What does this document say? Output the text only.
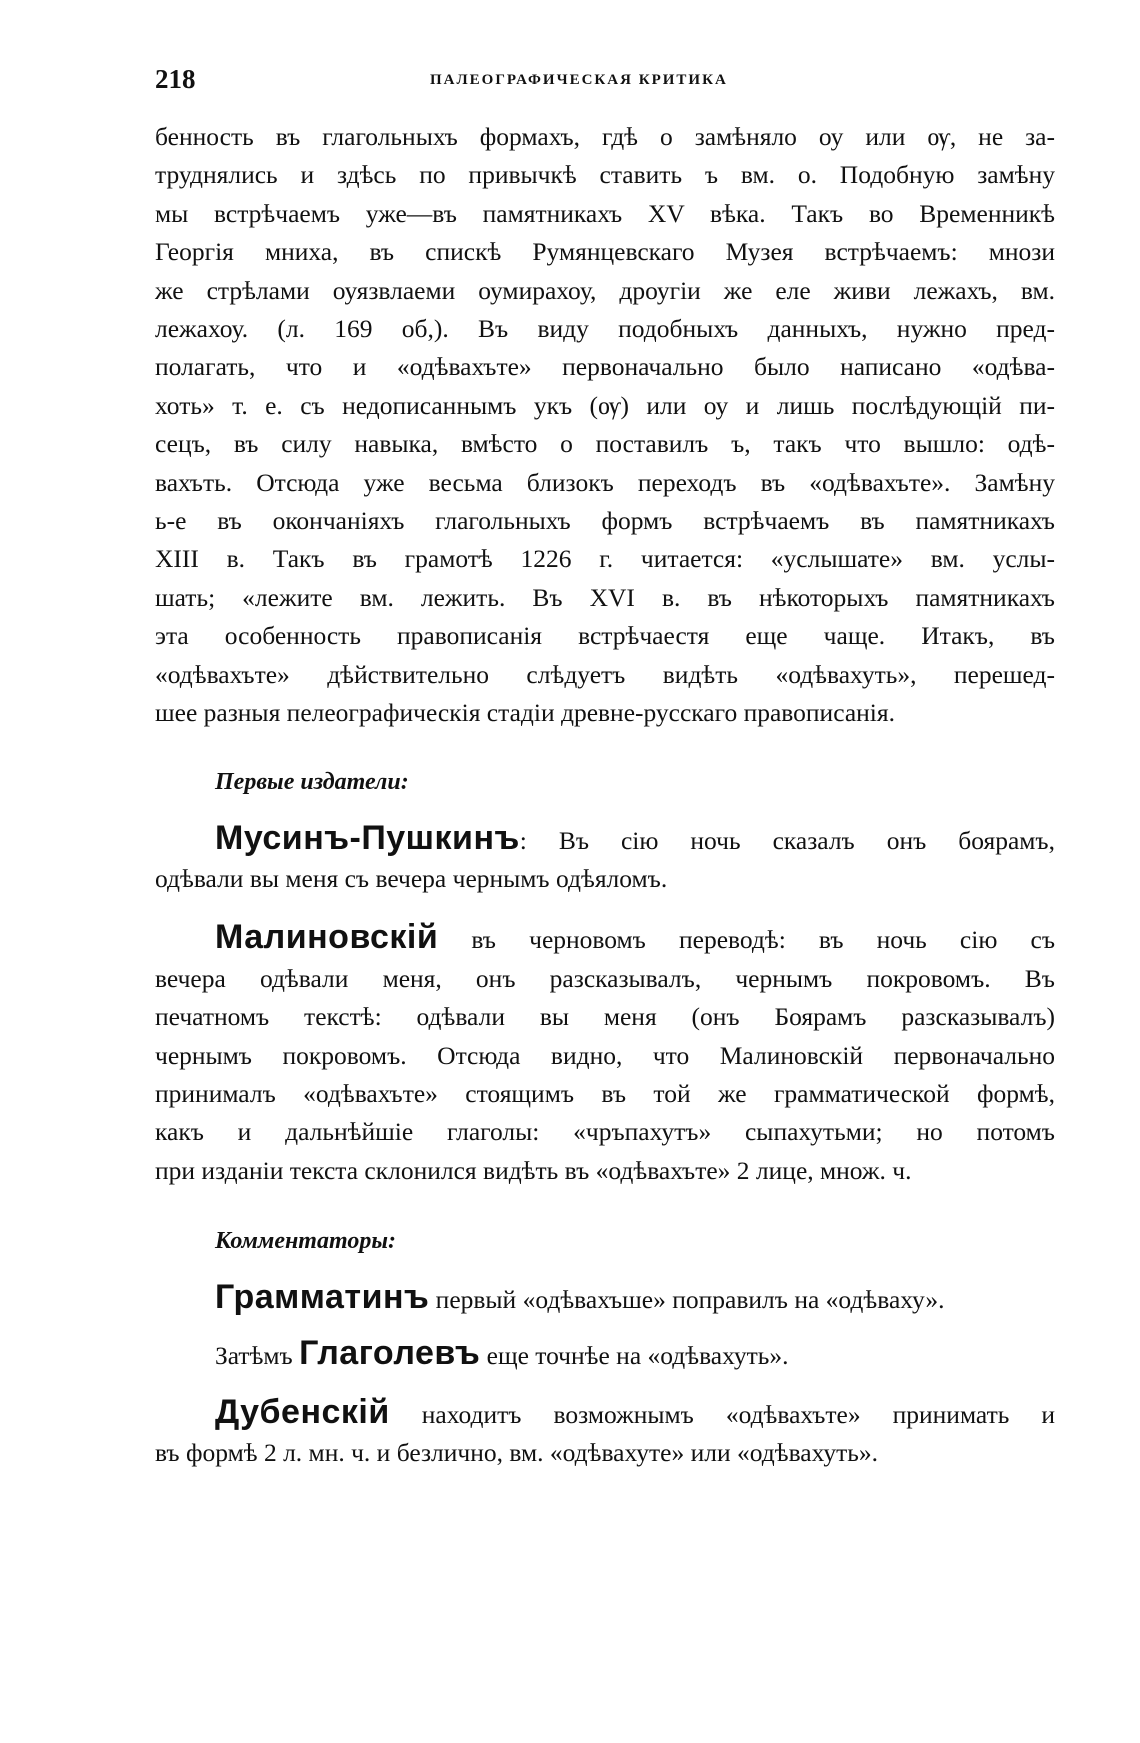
218	ПАЛЕОГРАФИЧЕСКАЯ КРИТИКА
бенность въ глагольныхъ формахъ, гдѣ о замѣняло оу или ѹ, не за-
труднялись и здѣсь по привычкѣ ставить ъ вм. о. Подобную замѣну
мы встрѣчаемъ уже—въ памятникахъ XV вѣка. Такъ во Временникѣ
Георгія мниха, въ спискѣ Румянцевскаго Музея встрѣчаемъ: мнози
же стрѣлами оуязвлаеми оумирахоу, дроугіи же еле живи лежахъ, вм.
лежахоу. (л. 169 об,). Въ виду подобныхъ данныхъ, нужно пред-
полагать, что и «одѣвахъте» первоначально было написано «одѣва-
хоть» т. е. съ недописаннымъ укъ (ѹ) или оу и лишь послѣдующій пи-
сецъ, въ силу навыка, вмѣсто о поставилъ ъ, такъ что вышло: одѣ-
вахъть. Отсюда уже весьма близокъ переходъ въ «одѣвахъте». Замѣну
ь-е въ окончаніяхъ глагольныхъ формъ встрѣчаемъ въ памятникахъ
XIII в. Такъ въ грамотѣ 1226 г. читается: «услышате» вм. услы-
шать; «лежите вм. лежить. Въ XVI в. въ нѣкоторыхъ памятникахъ
эта особенность правописанія встрѣчаестя еще чаще. Итакъ, въ
«одѣвахъте» дѣйствительно слѣдуетъ видѣть «одѣвахуть», перешед-
шее разныя пелеографическія стадіи древне-русскаго правописанія.
Первые издатели:
Мусинъ-Пушкинъ: Въ сію ночь сказалъ онъ боярамъ,
одѣвали вы меня съ вечера чернымъ одѣяломъ.
Малиновскій въ черновомъ переводѣ: въ ночь сію съ
вечера одѣвали меня, онъ разсказывалъ, чернымъ покровомъ. Въ
печатномъ текстѣ: одѣвали вы меня (онъ Боярамъ разсказывалъ)
чернымъ покровомъ. Отсюда видно, что Малиновскій первоначально
принималъ «одѣвахъте» стоящимъ въ той же грамматической формѣ,
какъ и дальнѣйшіе глаголы: «чръпахутъ» сыпахутьми; но потомъ
при изданіи текста склонился видѣть въ «одѣвахъте» 2 лице, множ. ч.
Комментаторы:
Грамматинъ первый «одѣвахъше» поправилъ на «одѣваху».
Затѣмъ Глаголевъ еще точнѣе на «одѣвахуть».
Дубенскій находитъ возможнымъ «одѣвахъте» принимать и
въ формѣ 2 л. мн. ч. и безлично, вм. «одѣвахуте» или «одѣвахуть».
